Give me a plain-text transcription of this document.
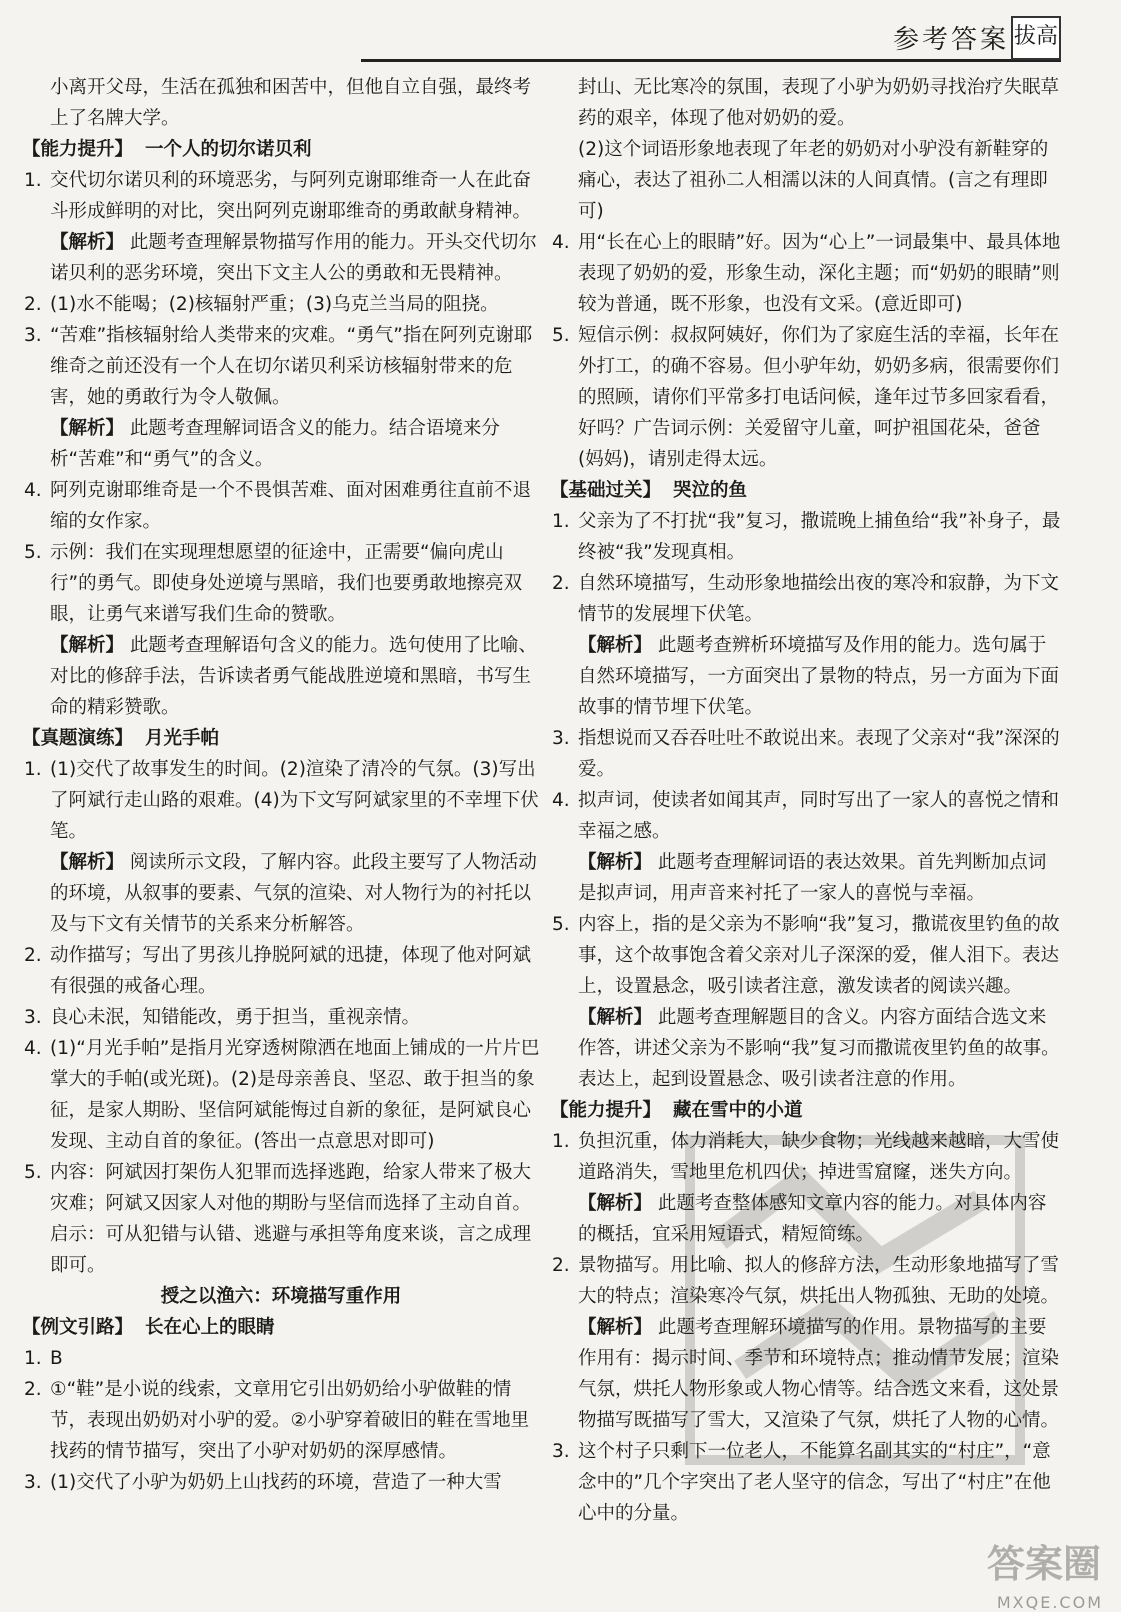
参考答案 拔高

小离开父母，生活在孤独和困苦中，但他自立自强，最终考上了名牌大学。

【能力提升】 一个人的切尔诺贝利

1. 交代切尔诺贝利的环境恶劣，与阿列克谢耶维奇一人在此奋斗形成鲜明的对比，突出阿列克谢耶维奇的勇敢献身精神。

【解析】 此题考查理解景物描写作用的能力。开头交代切尔诺贝利的恶劣环境，突出下文主人公的勇敢和无畏精神。

2. (1)水不能喝；(2)核辐射严重；(3)乌克兰当局的阻挠。

3. “苦难”指核辐射给人类带来的灾难。“勇气”指在阿列克谢耶维奇之前还没有一个人在切尔诺贝利采访核辐射带来的危害，她的勇敢行为令人敬佩。

【解析】 此题考查理解词语含义的能力。结合语境来分析“苦难”和“勇气”的含义。

4. 阿列克谢耶维奇是一个不畏惧苦难、面对困难勇往直前不退缩的女作家。

5. 示例：我们在实现理想愿望的征途中，正需要“偏向虎山行”的勇气。即使身处逆境与黑暗，我们也要勇敢地擦亮双眼，让勇气来谱写我们生命的赞歌。

【解析】 此题考查理解语句含义的能力。选句使用了比喻、对比的修辞手法，告诉读者勇气能战胜逆境和黑暗，书写生命的精彩赞歌。

【真题演练】 月光手帕

1. (1)交代了故事发生的时间。(2)渲染了清冷的气氛。(3)写出了阿斌行走山路的艰难。(4)为下文写阿斌家里的不幸埋下伏笔。

【解析】 阅读所示文段，了解内容。此段主要写了人物活动的环境，从叙事的要素、气氛的渲染、对人物行为的衬托以及与下文有关情节的关系来分析解答。

2. 动作描写；写出了男孩儿挣脱阿斌的迅捷，体现了他对阿斌有很强的戒备心理。

3. 良心未泯，知错能改，勇于担当，重视亲情。

4. (1)“月光手帕”是指月光穿透树隙洒在地面上铺成的一片片巴掌大的手帕(或光斑)。(2)是母亲善良、坚忍、敢于担当的象征，是家人期盼、坚信阿斌能悔过自新的象征，是阿斌良心发现、主动自首的象征。(答出一点意思对即可)

5. 内容：阿斌因打架伤人犯罪而选择逃跑，给家人带来了极大灾难；阿斌又因家人对他的期盼与坚信而选择了主动自首。启示：可从犯错与认错、逃避与承担等角度来谈，言之成理即可。

授之以渔六：环境描写重作用

【例文引路】 长在心上的眼睛

1. B

2. ①“鞋”是小说的线索，文章用它引出奶奶给小驴做鞋的情节，表现出奶奶对小驴的爱。②小驴穿着破旧的鞋在雪地里找药的情节描写，突出了小驴对奶奶的深厚感情。

3. (1)交代了小驴为奶奶上山找药的环境，营造了一种大雪

封山、无比寒冷的氛围，表现了小驴为奶奶寻找治疗失眠草药的艰辛，体现了他对奶奶的爱。

(2)这个词语形象地表现了年老的奶奶对小驴没有新鞋穿的痛心，表达了祖孙二人相濡以沫的人间真情。(言之有理即可)

4. 用“长在心上的眼睛”好。因为“心上”一词最集中、最具体地表现了奶奶的爱，形象生动，深化主题；而“奶奶的眼睛”则较为普通，既不形象，也没有文采。(意近即可)

5. 短信示例：叔叔阿姨好，你们为了家庭生活的幸福，长年在外打工，的确不容易。但小驴年幼，奶奶多病，很需要你们的照顾，请你们平常多打电话问候，逢年过节多回家看看，好吗？广告词示例：关爱留守儿童，呵护祖国花朵，爸爸(妈妈)，请别走得太远。

【基础过关】 哭泣的鱼

1. 父亲为了不打扰“我”复习，撒谎晚上捕鱼给“我”补身子，最终被“我”发现真相。

2. 自然环境描写，生动形象地描绘出夜的寒冷和寂静，为下文情节的发展埋下伏笔。

【解析】 此题考查辨析环境描写及作用的能力。选句属于自然环境描写，一方面突出了景物的特点，另一方面为下面故事的情节埋下伏笔。

3. 指想说而又吞吞吐吐不敢说出来。表现了父亲对“我”深深的爱。

4. 拟声词，使读者如闻其声，同时写出了一家人的喜悦之情和幸福之感。

【解析】 此题考查理解词语的表达效果。首先判断加点词是拟声词，用声音来衬托了一家人的喜悦与幸福。

5. 内容上，指的是父亲为不影响“我”复习，撒谎夜里钓鱼的故事，这个故事饱含着父亲对儿子深深的爱，催人泪下。表达上，设置悬念，吸引读者注意，激发读者的阅读兴趣。

【解析】 此题考查理解题目的含义。内容方面结合选文来作答，讲述父亲为不影响“我”复习而撒谎夜里钓鱼的故事。表达上，起到设置悬念、吸引读者注意的作用。

【能力提升】 藏在雪中的小道

1. 负担沉重，体力消耗大，缺少食物；光线越来越暗，大雪使道路消失，雪地里危机四伏；掉进雪窟窿，迷失方向。

【解析】 此题考查整体感知文章内容的能力。对具体内容的概括，宜采用短语式，精短简练。

2. 景物描写。用比喻、拟人的修辞方法，生动形象地描写了雪大的特点；渲染寒冷气氛，烘托出人物孤独、无助的处境。

【解析】 此题考查理解环境描写的作用。景物描写的主要作用有：揭示时间、季节和环境特点；推动情节发展；渲染气氛，烘托人物形象或人物心情等。结合选文来看，这处景物描写既描写了雪大，又渲染了气氛，烘托了人物的心情。

3. 这个村子只剩下一位老人，不能算名副其实的“村庄”，“意念中的”几个字突出了老人坚守的信念，写出了“村庄”在他心中的分量。

答案圈
MXQE.COM
